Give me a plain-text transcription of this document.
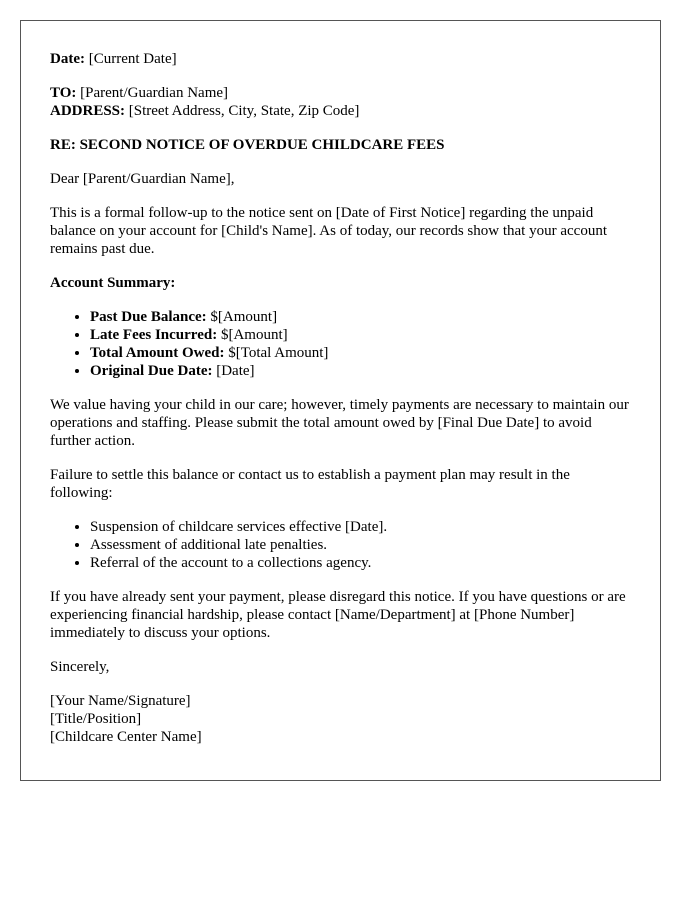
Date: [Current Date]

TO: [Parent/Guardian Name]
ADDRESS: [Street Address, City, State, Zip Code]

RE: SECOND NOTICE OF OVERDUE CHILDCARE FEES

Dear [Parent/Guardian Name],

This is a formal follow-up to the notice sent on [Date of First Notice] regarding the unpaid balance on your account for [Child's Name]. As of today, our records show that your account remains past due.

Account Summary:

• Past Due Balance: $[Amount]
• Late Fees Incurred: $[Amount]
• Total Amount Owed: $[Total Amount]
• Original Due Date: [Date]

We value having your child in our care; however, timely payments are necessary to maintain our operations and staffing. Please submit the total amount owed by [Final Due Date] to avoid further action.

Failure to settle this balance or contact us to establish a payment plan may result in the following:

• Suspension of childcare services effective [Date].
• Assessment of additional late penalties.
• Referral of the account to a collections agency.

If you have already sent your payment, please disregard this notice. If you have questions or are experiencing financial hardship, please contact [Name/Department] at [Phone Number] immediately to discuss your options.

Sincerely,

[Your Name/Signature]
[Title/Position]
[Childcare Center Name]
